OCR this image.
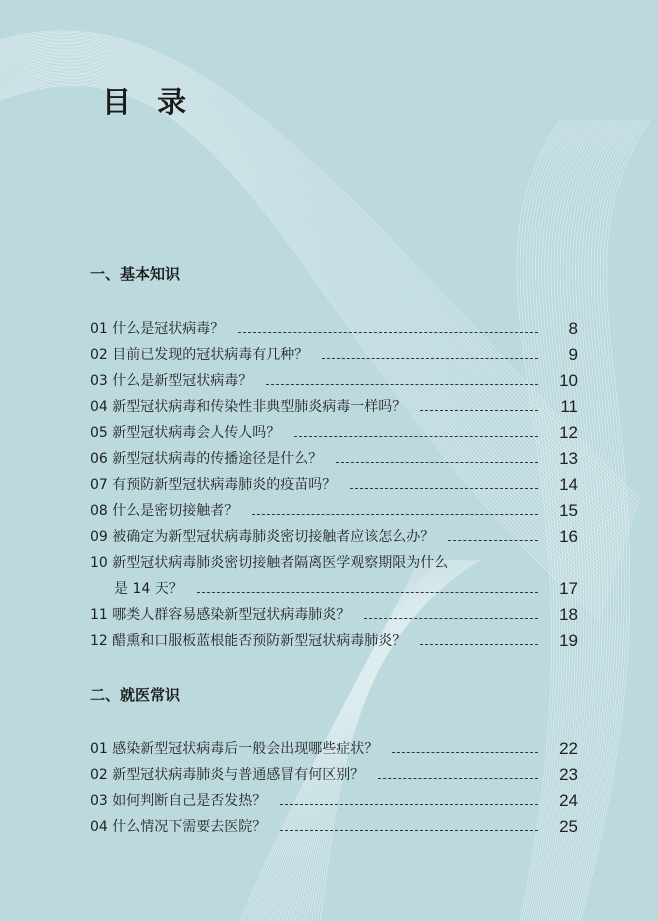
目 录
一、基本知识
01 什么是冠状病毒？	8
02 目前已发现的冠状病毒有几种？	9
03 什么是新型冠状病毒？	10
04 新型冠状病毒和传染性非典型肺炎病毒一样吗？	11
05 新型冠状病毒会人传人吗？	12
06 新型冠状病毒的传播途径是什么？	13
07 有预防新型冠状病毒肺炎的疫苗吗？	14
08 什么是密切接触者？	15
09 被确定为新型冠状病毒肺炎密切接触者应该怎么办？	16
10 新型冠状病毒肺炎密切接触者隔离医学观察期限为什么
是 14 天？	17
11 哪类人群容易感染新型冠状病毒肺炎？	18
12 醋熏和口服板蓝根能否预防新型冠状病毒肺炎？	19
二、就医常识
01 感染新型冠状病毒后一般会出现哪些症状？	22
02 新型冠状病毒肺炎与普通感冒有何区别？	23
03 如何判断自己是否发热？	24
04 什么情况下需要去医院？	25
